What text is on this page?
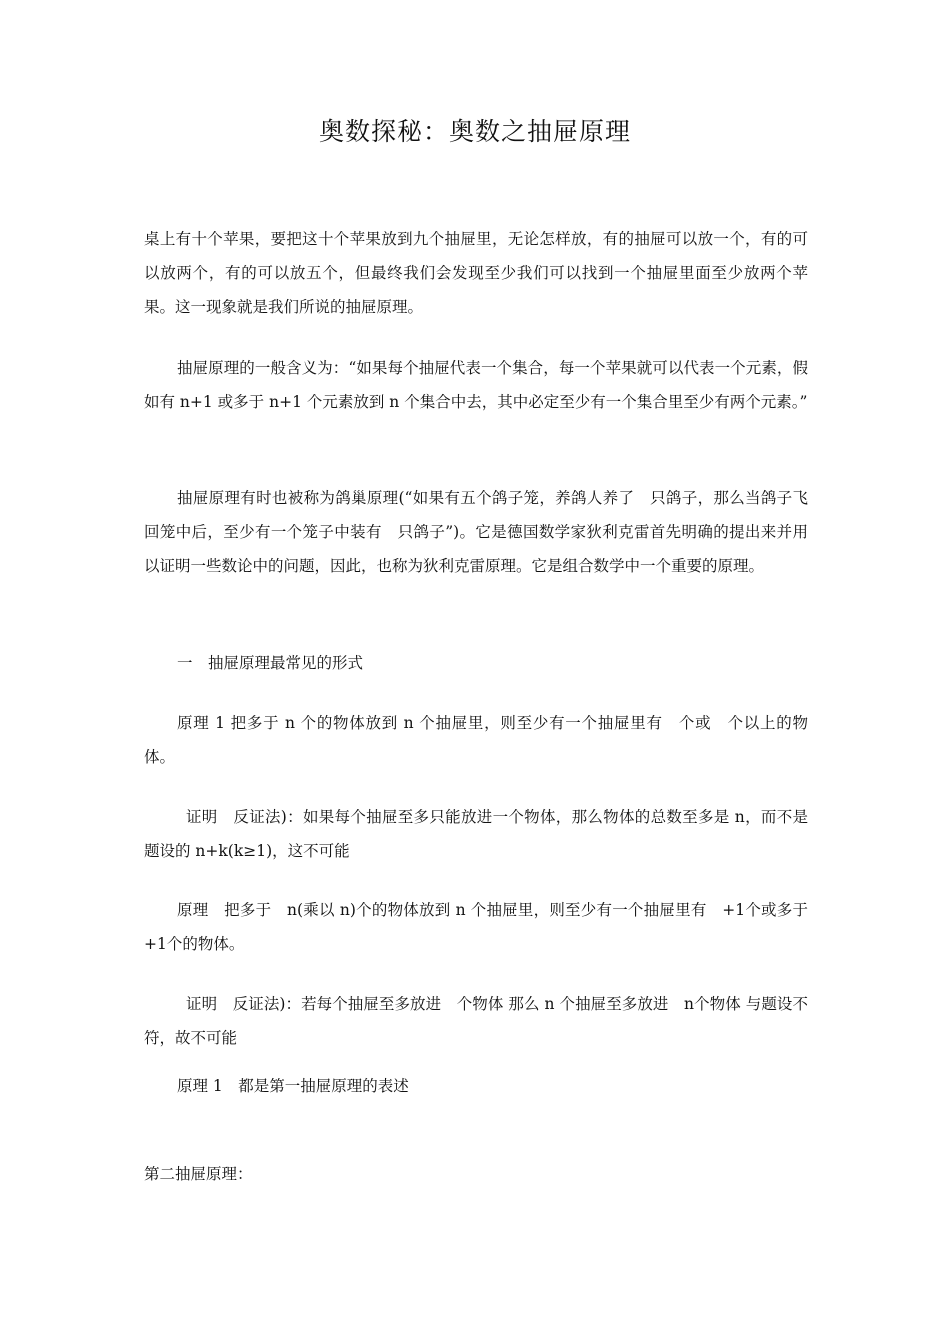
奥数探秘：奥数之抽屉原理
桌上有十个苹果，要把这十个苹果放到九个抽屉里，无论怎样放，有的抽屉可以放一个，有的可以放两个，有的可以放五个，但最终我们会发现至少我们可以找到一个抽屉里面至少放两个苹果。这一现象就是我们所说的抽屉原理。
抽屉原理的一般含义为：“如果每个抽屉代表一个集合，每一个苹果就可以代表一个元素，假如有 n+1 或多于 n+1 个元素放到 n 个集合中去，其中必定至少有一个集合里至少有两个元素。”
抽屉原理有时也被称为鸽巢原理(“如果有五个鸽子笼，养鸽人养了　只鸽子，那么当鸽子飞回笼中后，至少有一个笼子中装有　只鸽子”)。它是德国数学家狄利克雷首先明确的提出来并用以证明一些数论中的问题，因此，也称为狄利克雷原理。它是组合数学中一个重要的原理。
一　抽屉原理最常见的形式
原理 1 把多于 n 个的物体放到 n 个抽屉里，则至少有一个抽屉里有　个或　个以上的物体。
证明　反证法)：如果每个抽屉至多只能放进一个物体，那么物体的总数至多是 n，而不是题设的 n+k(k≥1)，这不可能
原理　把多于　n(乘以 n)个的物体放到 n 个抽屉里，则至少有一个抽屉里有　+1个或多于　+1个的物体。
证明　反证法)：若每个抽屉至多放进　个物体 那么 n 个抽屉至多放进　n个物体 与题设不符，故不可能
原理 1　都是第一抽屉原理的表述
第二抽屉原理：
